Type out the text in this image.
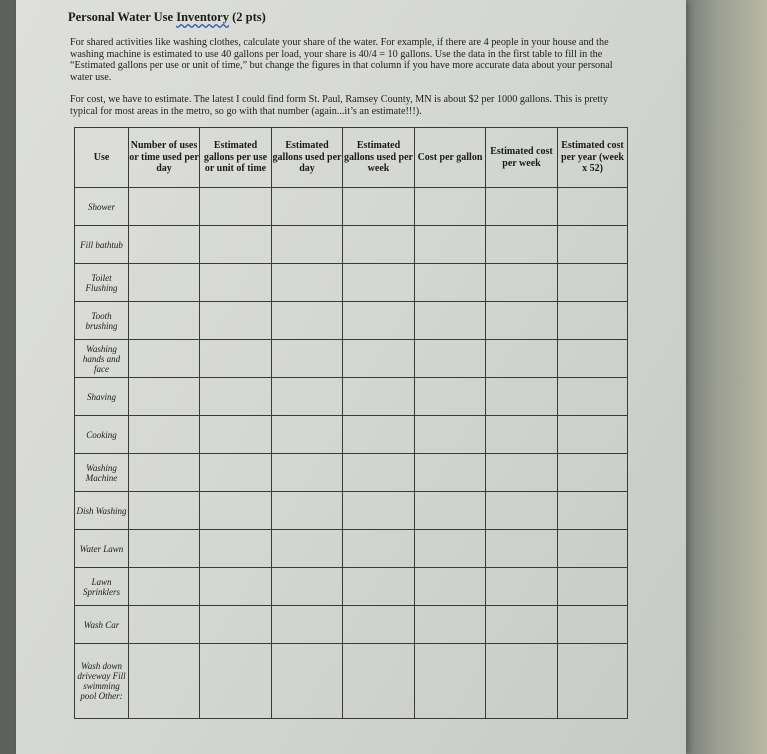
Personal Water Use Inventory (2 pts)
For shared activities like washing clothes, calculate your share of the water. For example, if there are 4 people in your house and the washing machine is estimated to use 40 gallons per load, your share is 40/4 = 10 gallons. Use the data in the first table to fill in the “Estimated gallons per use or unit of time,” but change the figures in that column if you have more accurate data about your personal water use.
For cost, we have to estimate. The latest I could find form St. Paul, Ramsey County, MN is about $2 per 1000 gallons. This is pretty typical for most areas in the metro, so go with that number (again...it’s an estimate!!!).
Use	Number of uses or time used per day	Estimated gallons per use or unit of time	Estimated gallons used per day	Estimated gallons used per week	Cost per gallon	Estimated cost per week	Estimated cost per year (week x 52)
Shower							
Fill bathtub							
Toilet Flushing							
Tooth brushing							
Washing hands and face							
Shaving							
Cooking							
Washing Machine							
Dish Washing							
Water Lawn							
Lawn Sprinklers							
Wash Car							
Wash down driveway Fill swimming pool Other:							
